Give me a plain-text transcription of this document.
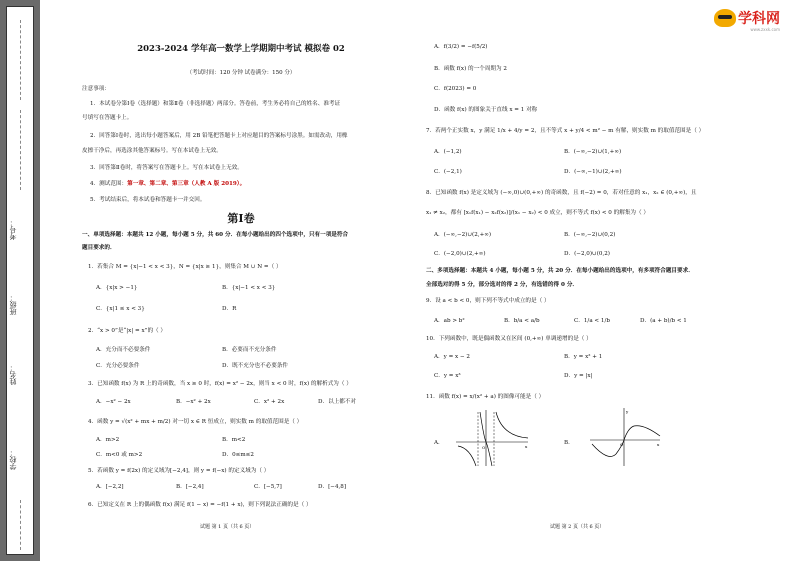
学校：
姓名：
班级：
考号：
学科网
www.zxxk.com
2023-2024 学年高一数学上学期期中考试 模拟卷 02
（考试时间：120 分钟 试卷满分：150 分）
注意事项：
1．本试卷分第Ⅰ卷（选择题）和第Ⅱ卷（非选择题）两部分。答卷前，考生务必将自己的姓名、准考证
号填写在答题卡上。
2．回答第Ⅰ卷时，选出每小题答案后，用 2B 铅笔把答题卡上对应题目的答案标号涂黑。如需改动，用橡
皮擦干净后，再选涂其他答案标号。写在本试卷上无效。
3．回答第Ⅱ卷时，将答案写在答题卡上。写在本试卷上无效。
4．测试范围：第一章、第二章、第三章（人教 A 版 2019）。
5．考试结束后，将本试卷和答题卡一并交回。
第Ⅰ卷
一、单项选择题：本题共 12 小题，每小题 5 分，共 60 分．在每小题给出的四个选项中，只有一项是符合
题目要求的．
1．若集合 M = {x|−1 < x < 3}，N = {x|x ≥ 1}，则集合 M ∪ N =（ ）
A．{x|x > −1}	B．{x|−1 < x < 3}
C．{x|1 ≤ x < 3}	D．R
2．“x > 0”是“|x| = x”的（ ）
A．充分而不必要条件	B．必要而不充分条件
C．充分必要条件	D．既不充分也不必要条件
3．已知函数 f(x) 为 R 上的奇函数，当 x ≥ 0 时，f(x) = x² − 2x，则当 x < 0 时，f(x) 的解析式为（ ）
A．−x² − 2x	B．−x² + 2x	C．x² + 2x	D．以上都不对
4．函数 y = √(x² + mx + m/2) 对一切 x ∈ R 恒成立，则实数 m 的取值范围是（ ）
A．m>2	B．m<2
C．m<0 或 m>2	D．0≤m≤2
5．若函数 y = f(2x) 的定义域为[−2,4]，则 y = f(−x) 的定义域为（ ）
A．[−2,2]	B．[−2,4]	C．[−5,7]	D．[−4,8]
6．已知定义在 R 上的偶函数 f(x) 满足 f(1 − x) = −f(1 + x)，则下列说法正确的是（ ）
试题 第 1 页（共 6 页）
A．f(3/2) = −f(5/2)
B．函数 f(x) 的一个周期为 2
C．f(2023) = 0
D．函数 f(x) 的图象关于直线 x = 1 对称
7．若两个正实数 x，y 满足 1/x + 4/y = 2，且不等式 x + y/4 < m² − m 有解，则实数 m 的取值范围是（ ）
A．(−1,2)	B．(−∞,−2)∪(1,+∞)
C．(−2,1)	D．(−∞,−1)∪(2,+∞)
8．已知函数 f(x) 是定义域为 (−∞,0)∪(0,+∞) 的奇函数，且 f(−2) = 0，若对任意的 x₁，x₂ ∈ (0,+∞)，且
x₁ ≠ x₂，都有 [x₁f(x₁) − x₂f(x₂)]/(x₁ − x₂) < 0 成立，则不等式 f(x) < 0 的解集为（ ）
A．(−∞,−2)∪(2,+∞)	B．(−∞,−2)∪(0,2)
C．(−2,0)∪(2,+∞)	D．(−2,0)∪(0,2)
二、多项选择题：本题共 4 小题，每小题 5 分，共 20 分．在每小题给出的选项中，有多项符合题目要求．
全部选对的得 5 分，部分选对的得 2 分，有选错的得 0 分．
9．设 a < b < 0，则下列不等式中成立的是（ ）
A．ab > b²	B．b/a < a/b	C．1/a < 1/b	D．(a + b)/b < 1
10．下列函数中，既是偶函数又在区间 (0,+∞) 单调递增的是（ ）
A．y = x − 2	B．y = x² + 1
C．y = x³	D．y = |x|
11．函数 f(x) = x/(x² + a) 的图像可能是（ ）
A．	B．
O	x	O	x
y
试题 第 2 页（共 6 页）
